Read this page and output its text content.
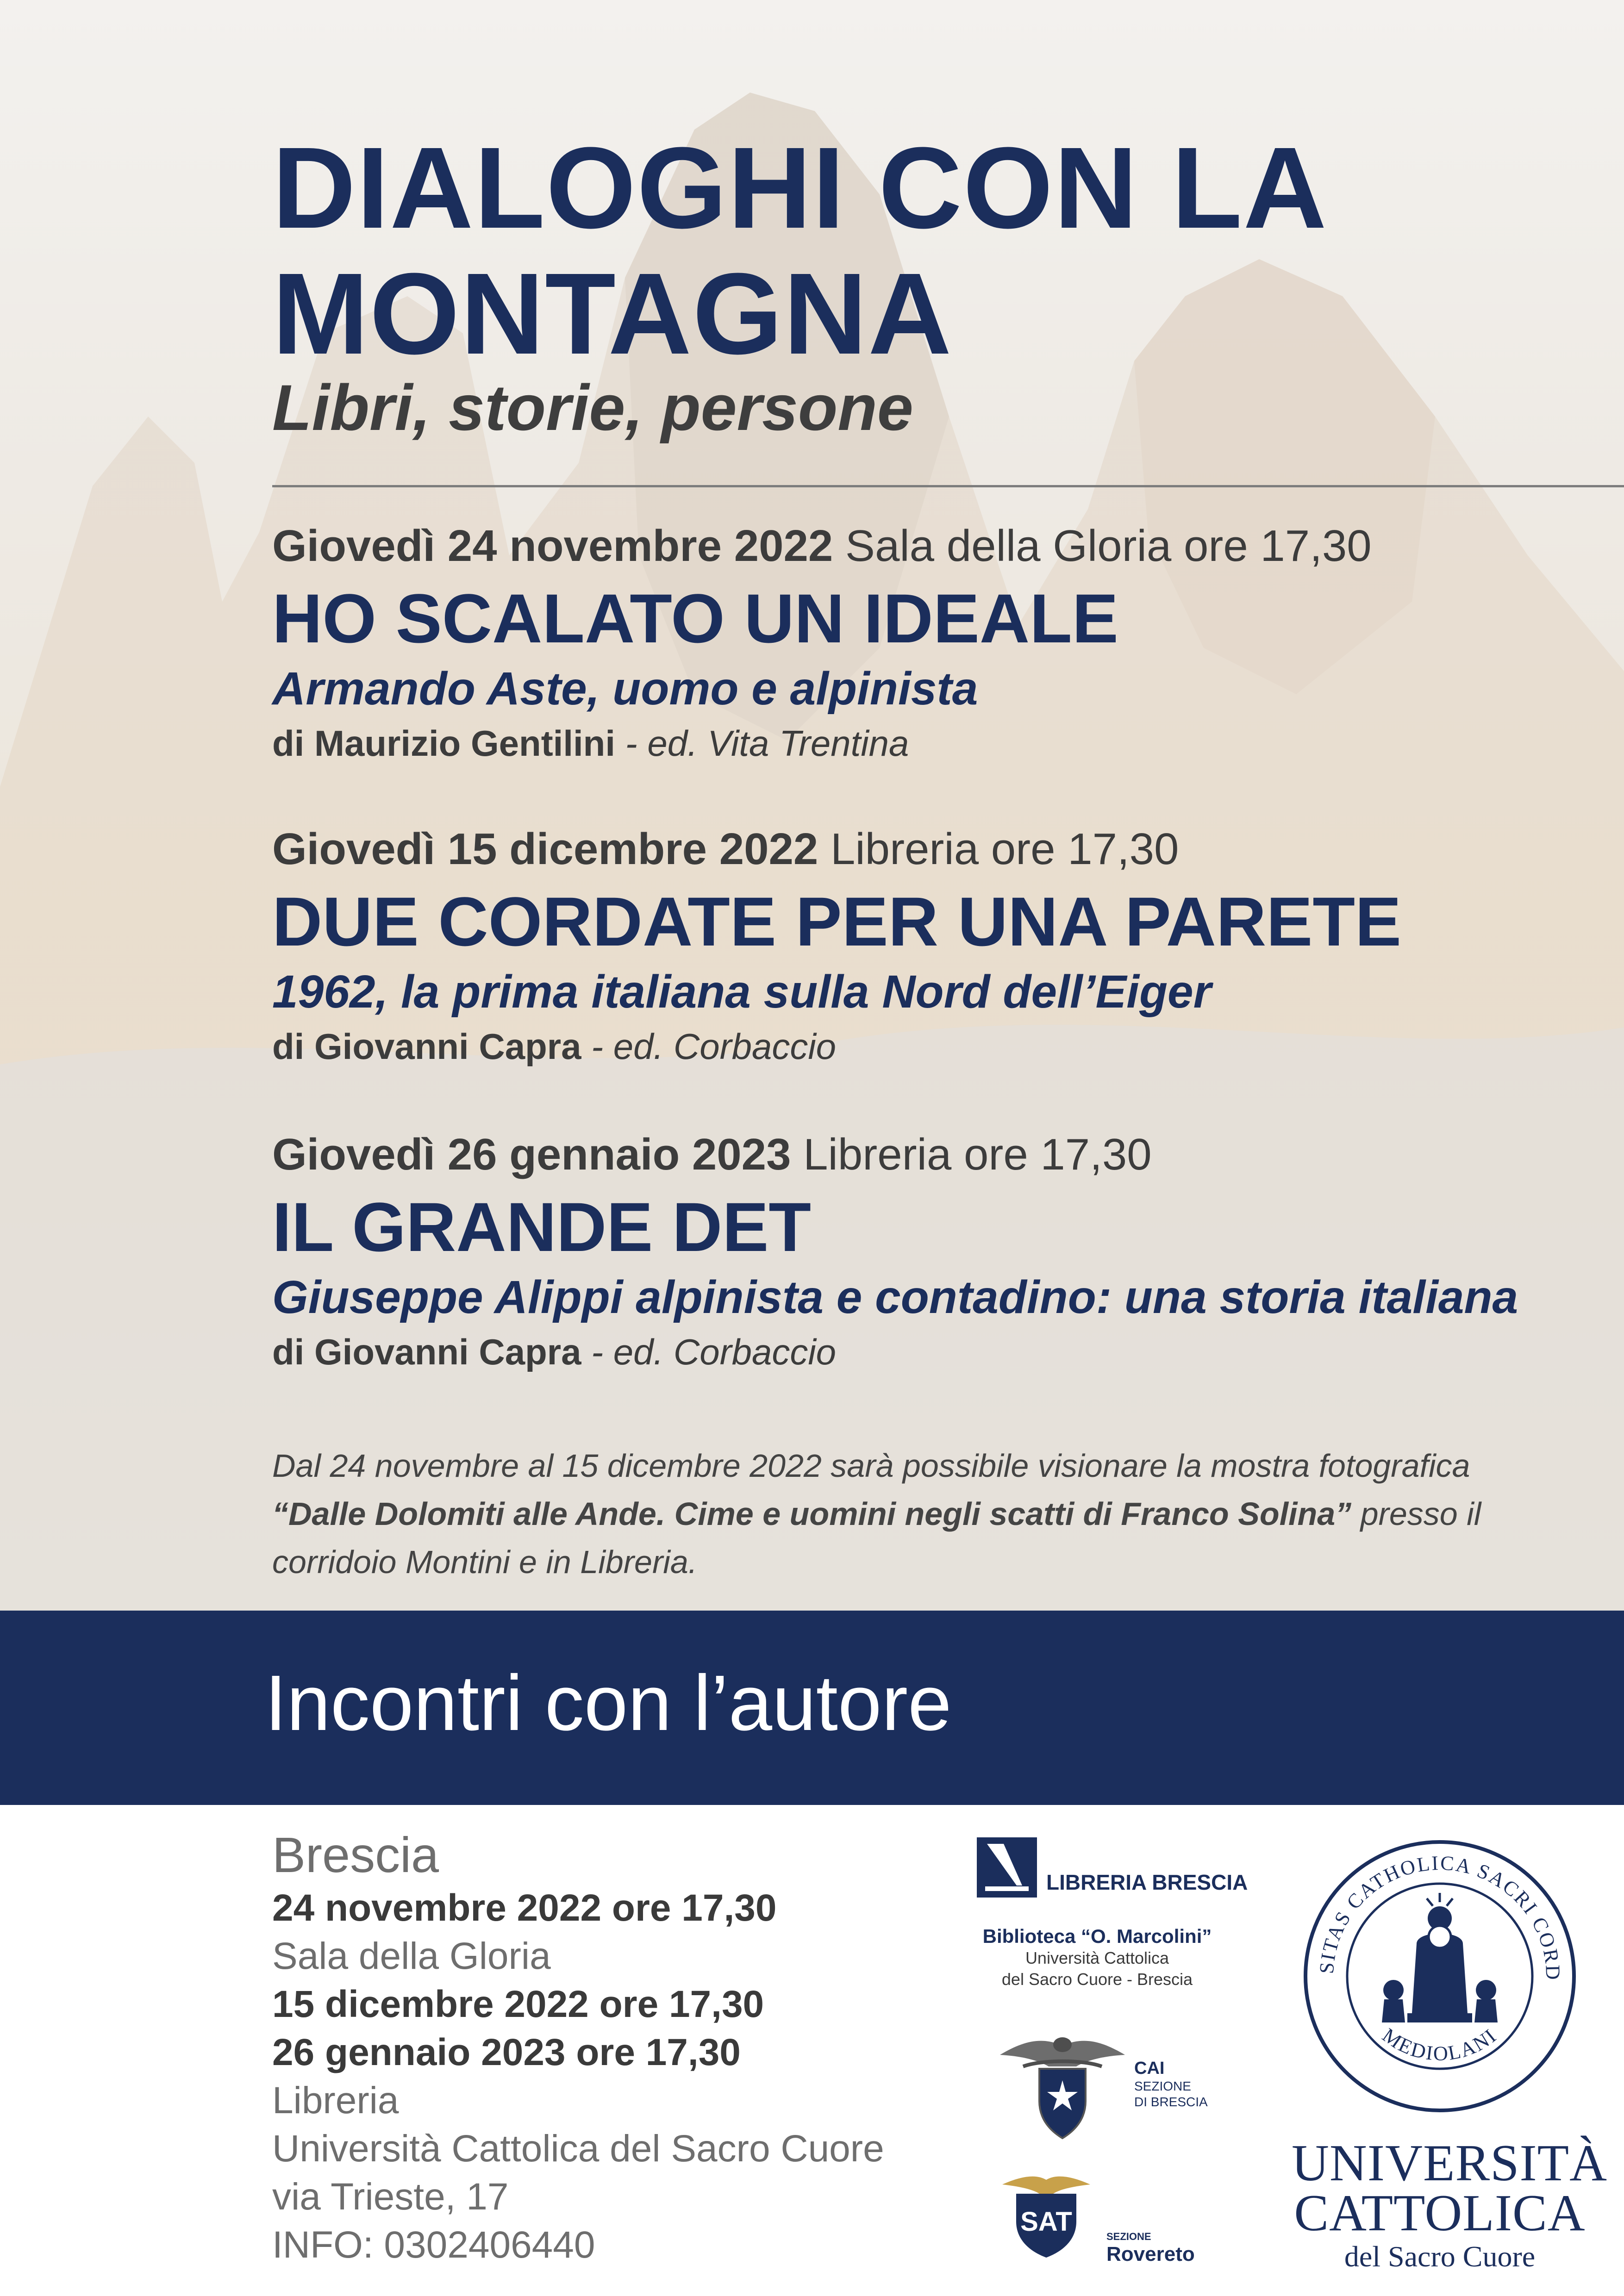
DIALOGHI CON LA MONTAGNA
Libri, storie, persone
Giovedì 24 novembre 2022 Sala della Gloria ore 17,30
HO SCALATO UN IDEALE
Armando Aste, uomo e alpinista
di Maurizio Gentilini - ed. Vita Trentina
Giovedì 15 dicembre 2022 Libreria ore 17,30
DUE CORDATE PER UNA PARETE
1962, la prima italiana sulla Nord dell’Eiger
di Giovanni Capra - ed. Corbaccio
Giovedì 26 gennaio 2023 Libreria ore 17,30
IL GRANDE DET
Giuseppe Alippi alpinista e contadino: una storia italiana
di Giovanni Capra - ed. Corbaccio
Dal 24 novembre al 15 dicembre 2022 sarà possibile visionare la mostra fotografica “Dalle Dolomiti alle Ande. Cime e uomini negli scatti di Franco Solina” presso il corridoio Montini e in Libreria.
Incontri con l’autore
Brescia
24 novembre 2022 ore 17,30
Sala della Gloria
15 dicembre 2022 ore 17,30
26 gennaio 2023 ore 17,30
Libreria
Università Cattolica del Sacro Cuore
via Trieste, 17
INFO: 0302406440
LIBRERIA BRESCIA
Biblioteca “O. Marcolini”
Università Cattolica
del Sacro Cuore - Brescia
CAI
SEZIONE
DI BRESCIA
SAT	SEZIONE
Rovereto
SITAS CATHOLICA SACRI CORD
MEDIOLANI
UNIVERSITÀ
CATTOLICA
del Sacro Cuore
